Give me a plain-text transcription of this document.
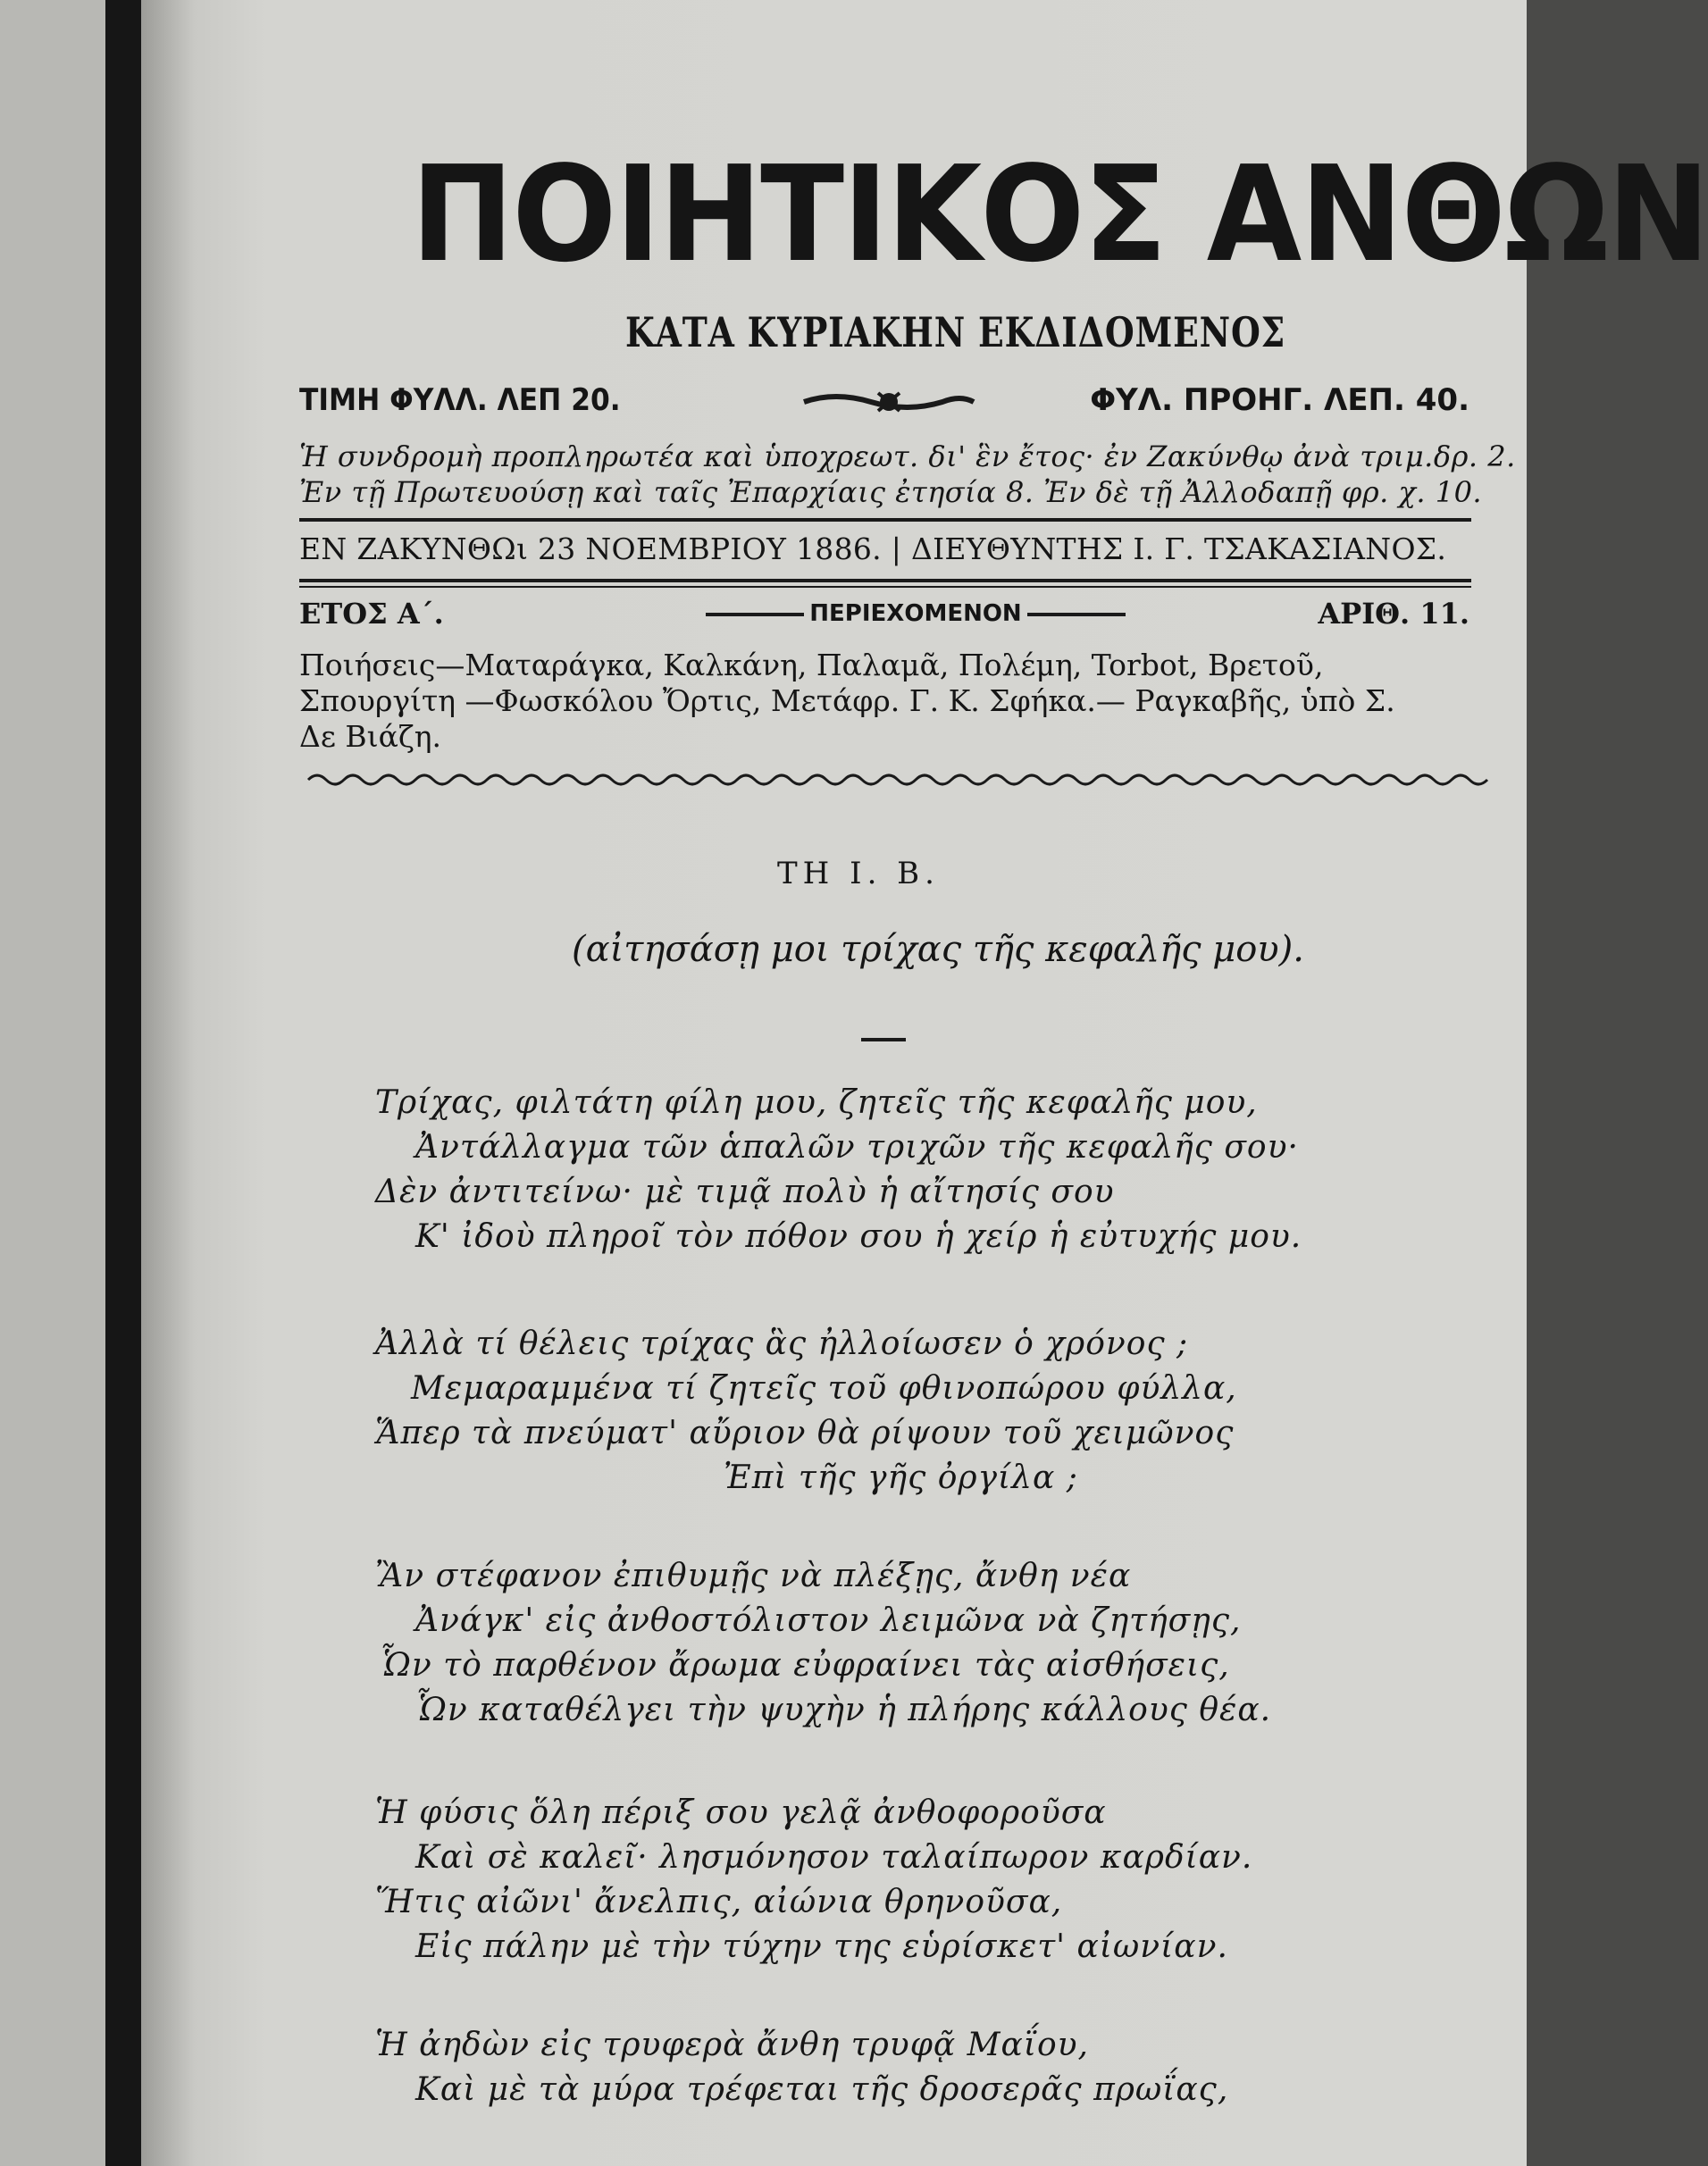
ΠΟΙΗΤΙΚΟΣ ΑΝΘΩΝ
ΚΑΤΑ ΚΥΡΙΑΚΗΝ ΕΚΔΙΔΟΜΕΝΟΣ
ΤΙΜΗ ΦΥΛΛ. ΛΕΠ 20.	ΦΥΛ. ΠΡΟΗΓ. ΛΕΠ. 40.
Ἡ συνδρομὴ προπληρωτέα καὶ ὑποχρεωτ. δι' ἓν ἔτος· ἐν Ζακύνθῳ ἀνὰ τριμ.δρ. 2.
Ἐν τῇ Πρωτευούσῃ καὶ ταῖς Ἐπαρχίαις ἐτησία 8. Ἐν δὲ τῇ Ἀλλοδαπῇ φρ. χ. 10.
ΕΝ ΖΑΚΥΝΘΩι 23 ΝΟΕΜΒΡΙΟΥ 1886. | ΔΙΕΥΘΥΝΤΗΣ Ι. Γ. ΤΣΑΚΑΣΙΑΝΟΣ.
ΕΤΟΣ Α΄.	ΠΕΡΙΕΧΟΜΕΝΟΝ	ΑΡΙΘ. 11.
Ποιήσεις—Ματαράγκα, Καλκάνη, Παλαμᾶ, Πολέμη, Torbot, Βρετοῦ,
Σπουργίτη —Φωσκόλου Ὄρτις, Μετάφρ. Γ. Κ. Σφήκα.— Ραγκαβῆς, ὑπὸ Σ.
Δε Βιάζη.
ΤΗ Ι. Β.
(αἰτησάσῃ μοι τρίχας τῆς κεφαλῆς μου).
Τρίχας, φιλτάτη φίλη μου, ζητεῖς τῆς κεφαλῆς μου,
Ἀντάλλαγμα τῶν ἁπαλῶν τριχῶν τῆς κεφαλῆς σου·
Δὲν ἀντιτείνω· μὲ τιμᾷ πολὺ ἡ αἴτησίς σου
Κ' ἰδοὺ πληροῖ τὸν πόθον σου ἡ χείρ ἡ εὐτυχής μου.
Ἀλλὰ τί θέλεις τρίχας ἃς ἠλλοίωσεν ὁ χρόνος ;
Μεμαραμμένα τί ζητεῖς τοῦ φθινοπώρου φύλλα,
Ἅπερ τὰ πνεύματ' αὔριον θὰ ρίψουν τοῦ χειμῶνος
Ἐπὶ τῆς γῆς ὀργίλα ;
Ἂν στέφανον ἐπιθυμῇς νὰ πλέξῃς, ἄνθη νέα
Ἀνάγκ' εἰς ἀνθοστόλιστον λειμῶνα νὰ ζητήσῃς,
Ὧν τὸ παρθένον ἄρωμα εὐφραίνει τὰς αἰσθήσεις,
Ὧν καταθέλγει τὴν ψυχὴν ἡ πλήρης κάλλους θέα.
Ἡ φύσις ὅλη πέριξ σου γελᾷ ἀνθοφοροῦσα
Καὶ σὲ καλεῖ· λησμόνησον ταλαίπωρον καρδίαν.
Ἥτις αἰῶνι' ἄνελπις, αἰώνια θρηνοῦσα,
Εἰς πάλην μὲ τὴν τύχην της εὑρίσκετ' αἰωνίαν.
Ἡ ἀηδὼν εἰς τρυφερὰ ἄνθη τρυφᾷ Μαΐου,
Καὶ μὲ τὰ μύρα τρέφεται τῆς δροσερᾶς πρωΐας,
